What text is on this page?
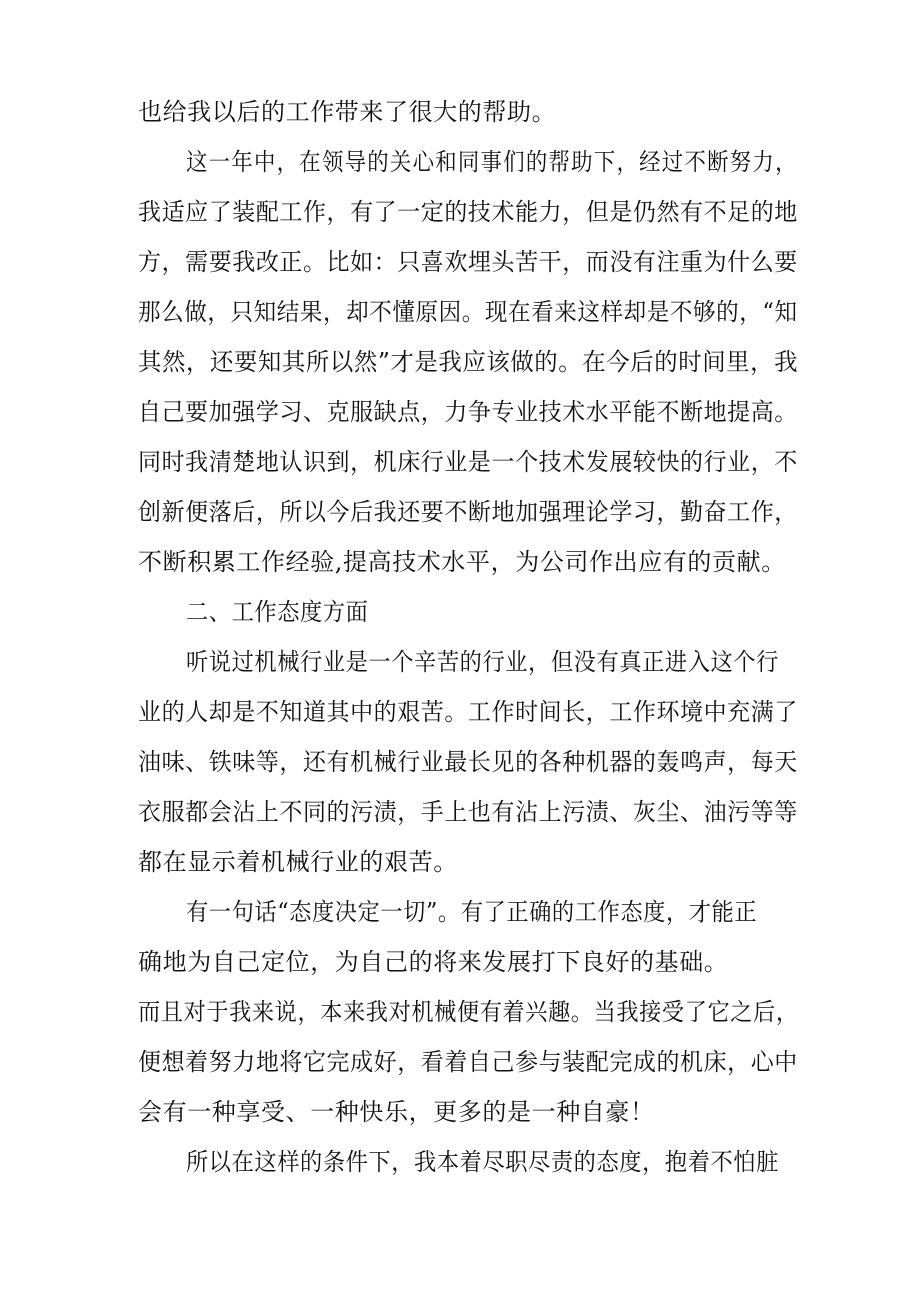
也给我以后的工作带来了很大的帮助。
这一年中，在领导的关心和同事们的帮助下，经过不断努力，
我适应了装配工作，有了一定的技术能力，但是仍然有不足的地
方，需要我改正。比如：只喜欢埋头苦干，而没有注重为什么要
那么做，只知结果，却不懂原因。现在看来这样却是不够的，“知
其然，还要知其所以然”才是我应该做的。在今后的时间里，我
自己要加强学习、克服缺点，力争专业技术水平能不断地提高。
同时我清楚地认识到，机床行业是一个技术发展较快的行业，不
创新便落后，所以今后我还要不断地加强理论学习，勤奋工作，
不断积累工作经验,提高技术水平，为公司作出应有的贡献。
二、工作态度方面
听说过机械行业是一个辛苦的行业，但没有真正进入这个行
业的人却是不知道其中的艰苦。工作时间长，工作环境中充满了
油味、铁味等，还有机械行业最长见的各种机器的轰鸣声，每天
衣服都会沾上不同的污渍，手上也有沾上污渍、灰尘、油污等等
都在显示着机械行业的艰苦。
有一句话“态度决定一切”。有了正确的工作态度，才能正
确地为自己定位，为自己的将来发展打下良好的基础。
而且对于我来说，本来我对机械便有着兴趣。当我接受了它之后，
便想着努力地将它完成好，看着自己参与装配完成的机床，心中
会有一种享受、一种快乐，更多的是一种自豪！
所以在这样的条件下，我本着尽职尽责的态度，抱着不怕脏
